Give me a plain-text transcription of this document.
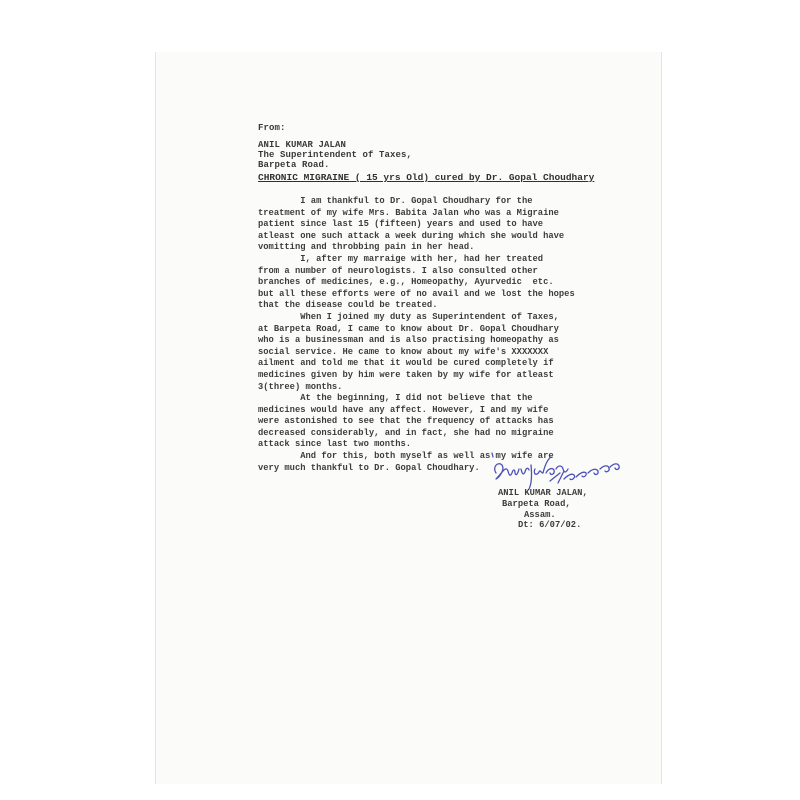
From:
ANIL KUMAR JALAN
The Superintendent of Taxes,
Barpeta Road.
CHRONIC MIGRAINE ( 15 yrs Old) cured by Dr. Gopal Choudhary

I am thankful to Dr. Gopal Choudhary for the

treatment of my wife Mrs. Babita Jalan who was a Migraine

patient since last 15 (fifteen) years and used to have

atleast one such attack a week during which she would have

vomitting and throbbing pain in her head.

I, after my marraige with her, had her treated

from a number of neurologists. I also consulted other

branches of medicines, e.g., Homeopathy, Ayurvedic  etc.

but all these efforts were of no avail and we lost the hopes

that the disease could be treated.

When I joined my duty as Superintendent of Taxes,

at Barpeta Road, I came to know about Dr. Gopal Choudhary

who is a businessman and is also practising homeopathy as

social service. He came to know about my wife's XXXXXXX

ailment and told me that it would be cured completely if

medicines given by him were taken by my wife for atleast

3(three) months.

At the beginning, I did not believe that the

medicines would have any affect. However, I and my wife

were astonished to see that the frequency of attacks has

decreased considerably, and in fact, she had no migraine

attack since last two months.

And for this, both myself as well as my wife are

very much thankful to Dr. Gopal Choudhary.

ANIL KUMAR JALAN,
Barpeta Road,
Assam.
Dt: 6/07/02.
